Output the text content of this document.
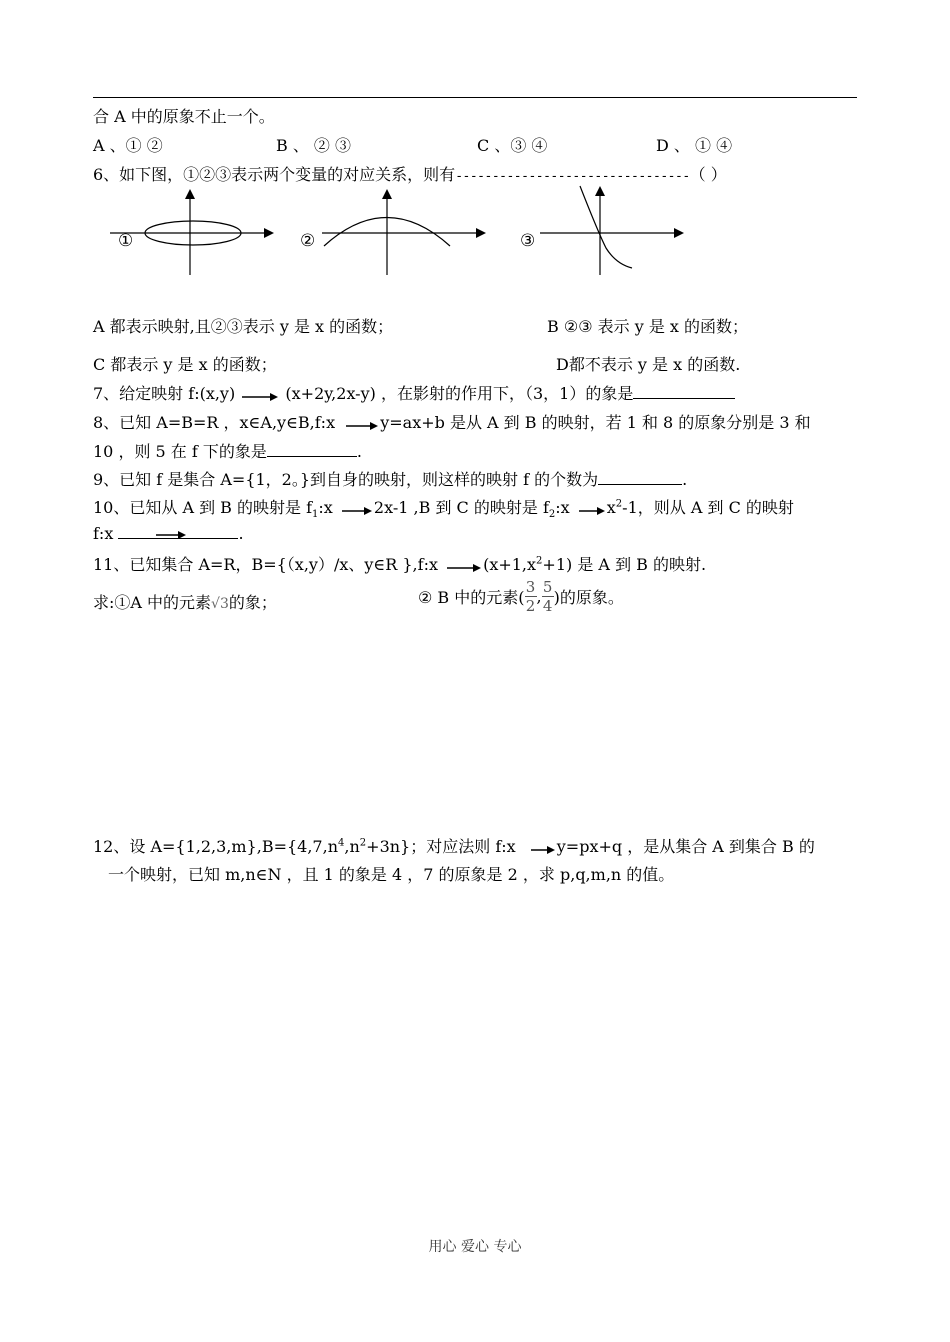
合 A 中的原象不止一个。
A 、① ②	B 、 ② ③	C 、③ ④	D 、 ① ④
6、如下图，①②③表示两个变量的对应关系，则有--------------------------------（ ）
①	②	③
A 都表示映射,且②③表示 y 是 x 的函数；	B ②③ 表示 y 是 x 的函数；
C 都表示 y 是 x 的函数；	D都不表示 y 是 x 的函数.
7、给定映射 f:(x,y)	(x+2y,2x-y) ，在影射的作用下，（3，1）的象是
8、已知 A=B=R ，x∈A,y∈B,f:x	y=ax+b 是从 A 到 B 的映射，若 1 和 8 的原象分别是 3 和
10 ，则 5 在 f 下的象是	.
9、已知 f 是集合 A={1，2。}到自身的映射，则这样的映射 f 的个数为	.
10、已知从 A 到 B 的映射是 $f_1:x$	2x-1 ,B 到 C 的映射是 $f_2:x$ $x^2-1$，则从 A 到 C 的映射
f:x	.
11、已知集合 A=R，B={（x,y）/x、y∈R },f:x	$(x+1,x^2+1)$ 是 A 到 B 的映射.
求:①A 中的元素√3的象；	② B 中的元素( $\frac{3}{2}$ , $\frac{5}{4}$ )的原象。
12、设 $A=\{1,2,3,m\},B=\{4,7,n^4,n^2+3n\}$；对应法则 f:x	y=px+q ，是从集合 A 到集合 B 的
一个映射，已知 m,n∈N ，且 1 的象是 4 ，7 的原象是 2 ，求 p,q,m,n 的值。
用心 爱心 专心
